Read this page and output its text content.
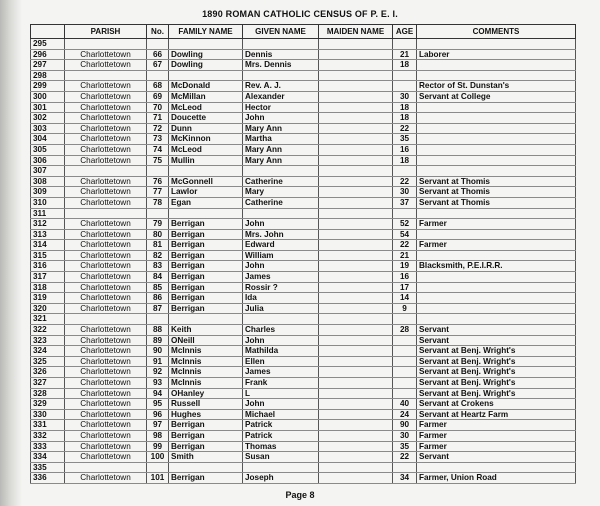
1890 ROMAN CATHOLIC CENSUS OF P. E. I.
	PARISH	No.	FAMILY NAME	GIVEN NAME	MAIDEN NAME	AGE	COMMENTS
295							
296	Charlottetown	66	Dowling	Dennis		21	Laborer
297	Charlottetown	67	Dowling	Mrs. Dennis		18	
298							
299	Charlottetown	68	McDonald	Rev. A. J.			Rector of St. Dunstan's
300	Charlottetown	69	McMillan	Alexander		30	Servant at College
301	Charlottetown	70	McLeod	Hector		18	
302	Charlottetown	71	Doucette	John		18	
303	Charlottetown	72	Dunn	Mary Ann		22	
304	Charlottetown	73	McKinnon	Martha		35	
305	Charlottetown	74	McLeod	Mary Ann		16	
306	Charlottetown	75	Mullin	Mary Ann		18	
307							
308	Charlottetown	76	McGonnell	Catherine		22	Servant at Thomis
309	Charlottetown	77	Lawlor	Mary		30	Servant at Thomis
310	Charlottetown	78	Egan	Catherine		37	Servant at Thomis
311							
312	Charlottetown	79	Berrigan	John		52	Farmer
313	Charlottetown	80	Berrigan	Mrs. John		54	
314	Charlottetown	81	Berrigan	Edward		22	Farmer
315	Charlottetown	82	Berrigan	William		21	
316	Charlottetown	83	Berrigan	John		19	Blacksmith, P.E.I.R.R.
317	Charlottetown	84	Berrigan	James		16	
318	Charlottetown	85	Berrigan	Rossir ?		17	
319	Charlottetown	86	Berrigan	Ida		14	
320	Charlottetown	87	Berrigan	Julia		9	
321							
322	Charlottetown	88	Keith	Charles		28	Servant
323	Charlottetown	89	ONeill	John			Servant
324	Charlottetown	90	McInnis	Mathilda			Servant at Benj. Wright's
325	Charlottetown	91	McInnis	Ellen			Servant at Benj. Wright's
326	Charlottetown	92	McInnis	James			Servant at Benj. Wright's
327	Charlottetown	93	McInnis	Frank			Servant at Benj. Wright's
328	Charlottetown	94	OHanley	L			Servant at Benj. Wright's
329	Charlottetown	95	Russell	John		40	Servant at Crokens
330	Charlottetown	96	Hughes	Michael		24	Servant at Heartz Farm
331	Charlottetown	97	Berrigan	Patrick		90	Farmer
332	Charlottetown	98	Berrigan	Patrick		30	Farmer
333	Charlottetown	99	Berrigan	Thomas		35	Farmer
334	Charlottetown	100	Smith	Susan		22	Servant
335							
336	Charlottetown	101	Berrigan	Joseph		34	Farmer, Union Road
Page 8
